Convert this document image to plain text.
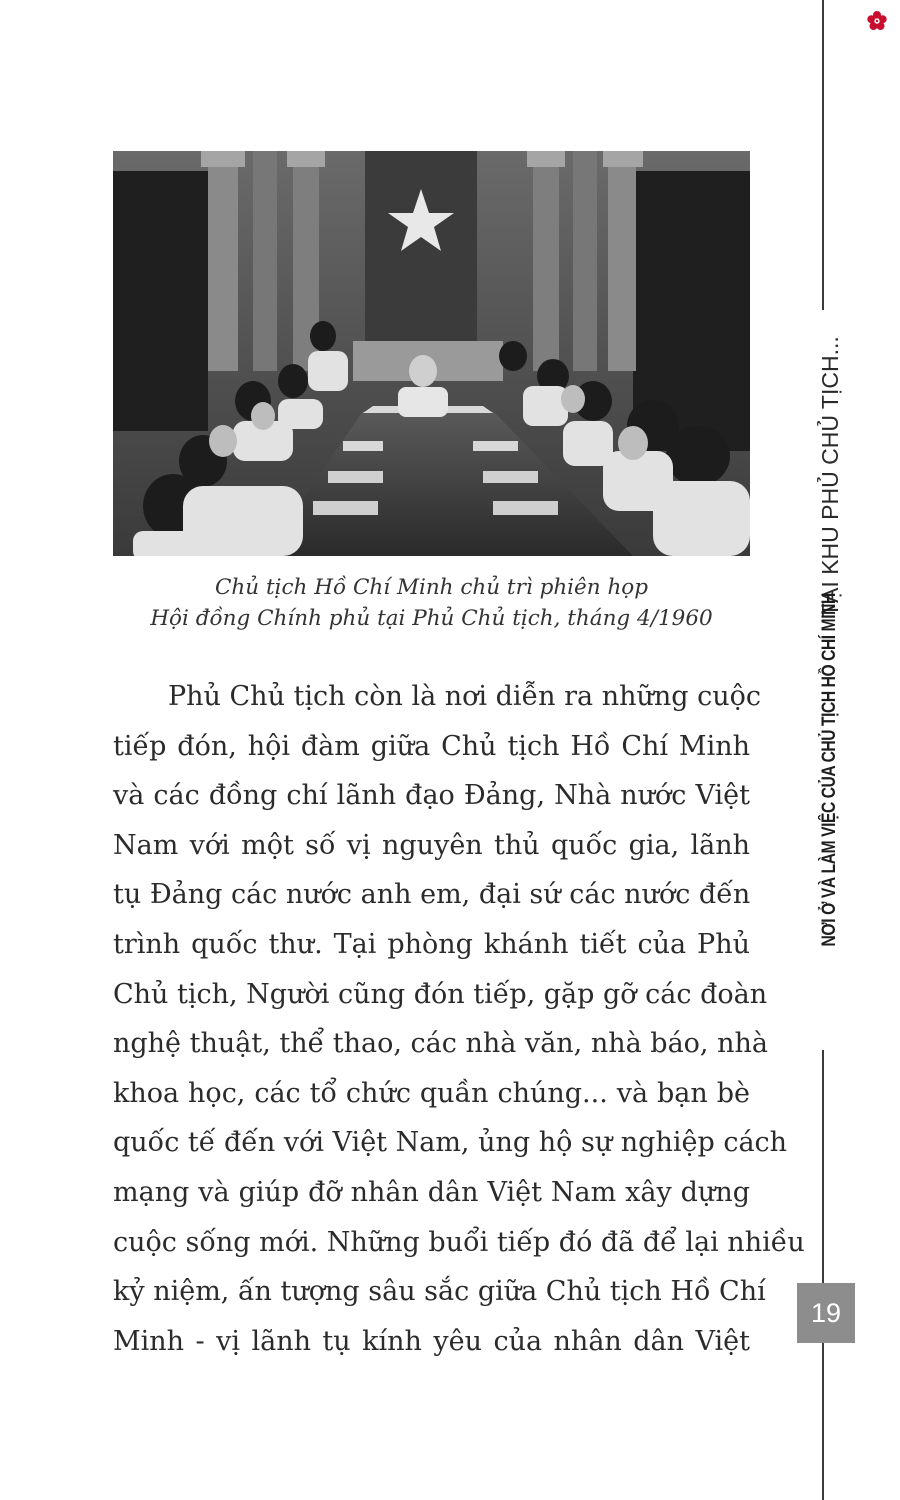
NƠI Ở VÀ LÀM VIỆC CỦA CHỦ TỊCH HỒ CHÍ MINH
TẠI KHU PHỦ CHỦ TỊCH...
19
Chủ tịch Hồ Chí Minh chủ trì phiên họp
Hội đồng Chính phủ tại Phủ Chủ tịch, tháng 4/1960
Phủ Chủ tịch còn là nơi diễn ra những cuộc
tiếp đón, hội đàm giữa Chủ tịch Hồ Chí Minh
và các đồng chí lãnh đạo Đảng, Nhà nước Việt
Nam với một số vị nguyên thủ quốc gia, lãnh
tụ Đảng các nước anh em, đại sứ các nước đến
trình quốc thư. Tại phòng khánh tiết của Phủ
Chủ tịch, Người cũng đón tiếp, gặp gỡ các đoàn
nghệ thuật, thể thao, các nhà văn, nhà báo, nhà
khoa học, các tổ chức quần chúng... và bạn bè
quốc tế đến với Việt Nam, ủng hộ sự nghiệp cách
mạng và giúp đỡ nhân dân Việt Nam xây dựng
cuộc sống mới. Những buổi tiếp đó đã để lại nhiều
kỷ niệm, ấn tượng sâu sắc giữa Chủ tịch Hồ Chí
Minh - vị lãnh tụ kính yêu của nhân dân Việt
